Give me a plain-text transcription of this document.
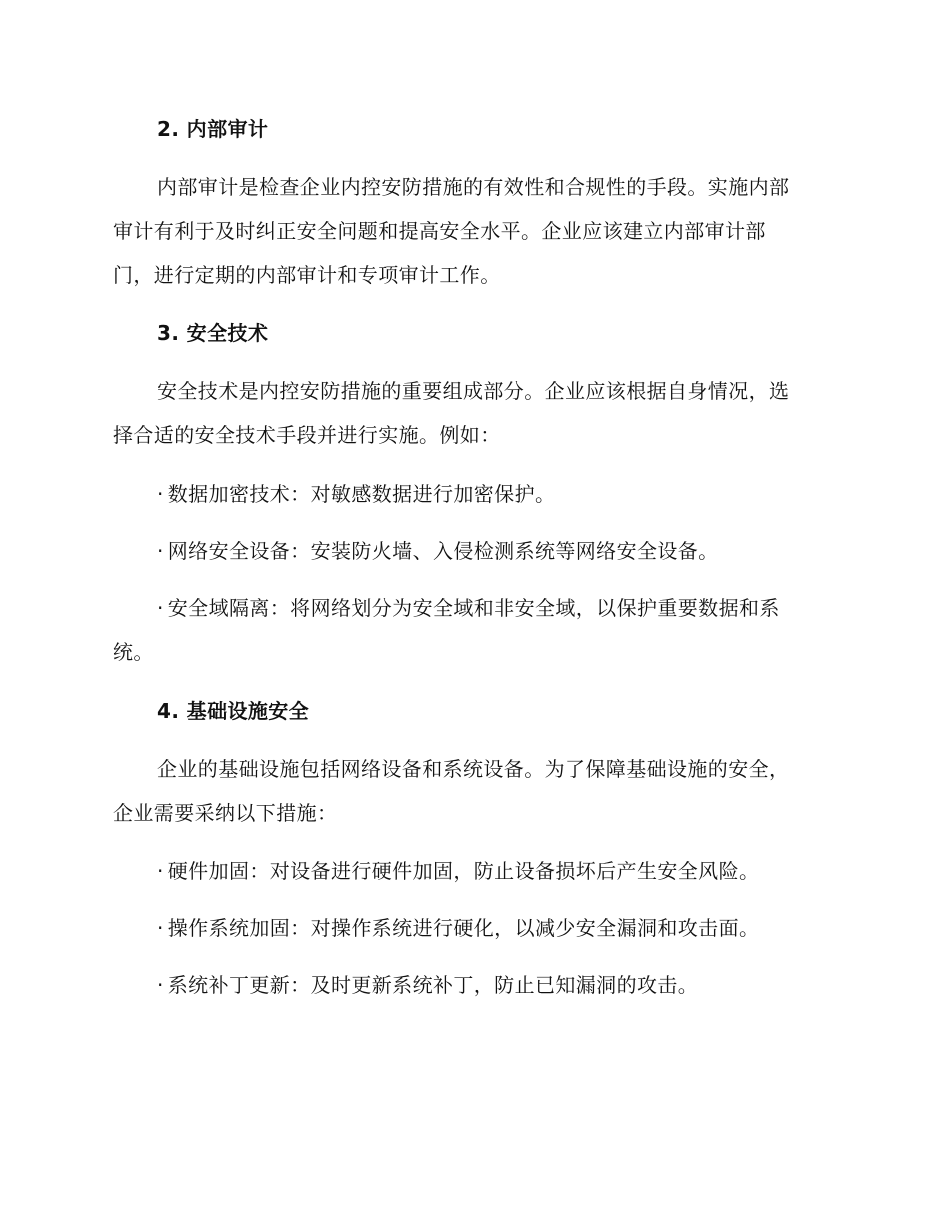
2. 内部审计
内部审计是检查企业内控安防措施的有效性和合规性的手段。实施内部
审计有利于及时纠正安全问题和提高安全水平。企业应该建立内部审计部
门，进行定期的内部审计和专项审计工作。
3. 安全技术
安全技术是内控安防措施的重要组成部分。企业应该根据自身情况，选
择合适的安全技术手段并进行实施。例如：
· 数据加密技术：对敏感数据进行加密保护。
· 网络安全设备：安装防火墙、入侵检测系统等网络安全设备。
· 安全域隔离：将网络划分为安全域和非安全域，以保护重要数据和系
统。
4. 基础设施安全
企业的基础设施包括网络设备和系统设备。为了保障基础设施的安全，
企业需要采纳以下措施：
· 硬件加固：对设备进行硬件加固，防止设备损坏后产生安全风险。
· 操作系统加固：对操作系统进行硬化，以减少安全漏洞和攻击面。
· 系统补丁更新：及时更新系统补丁，防止已知漏洞的攻击。
